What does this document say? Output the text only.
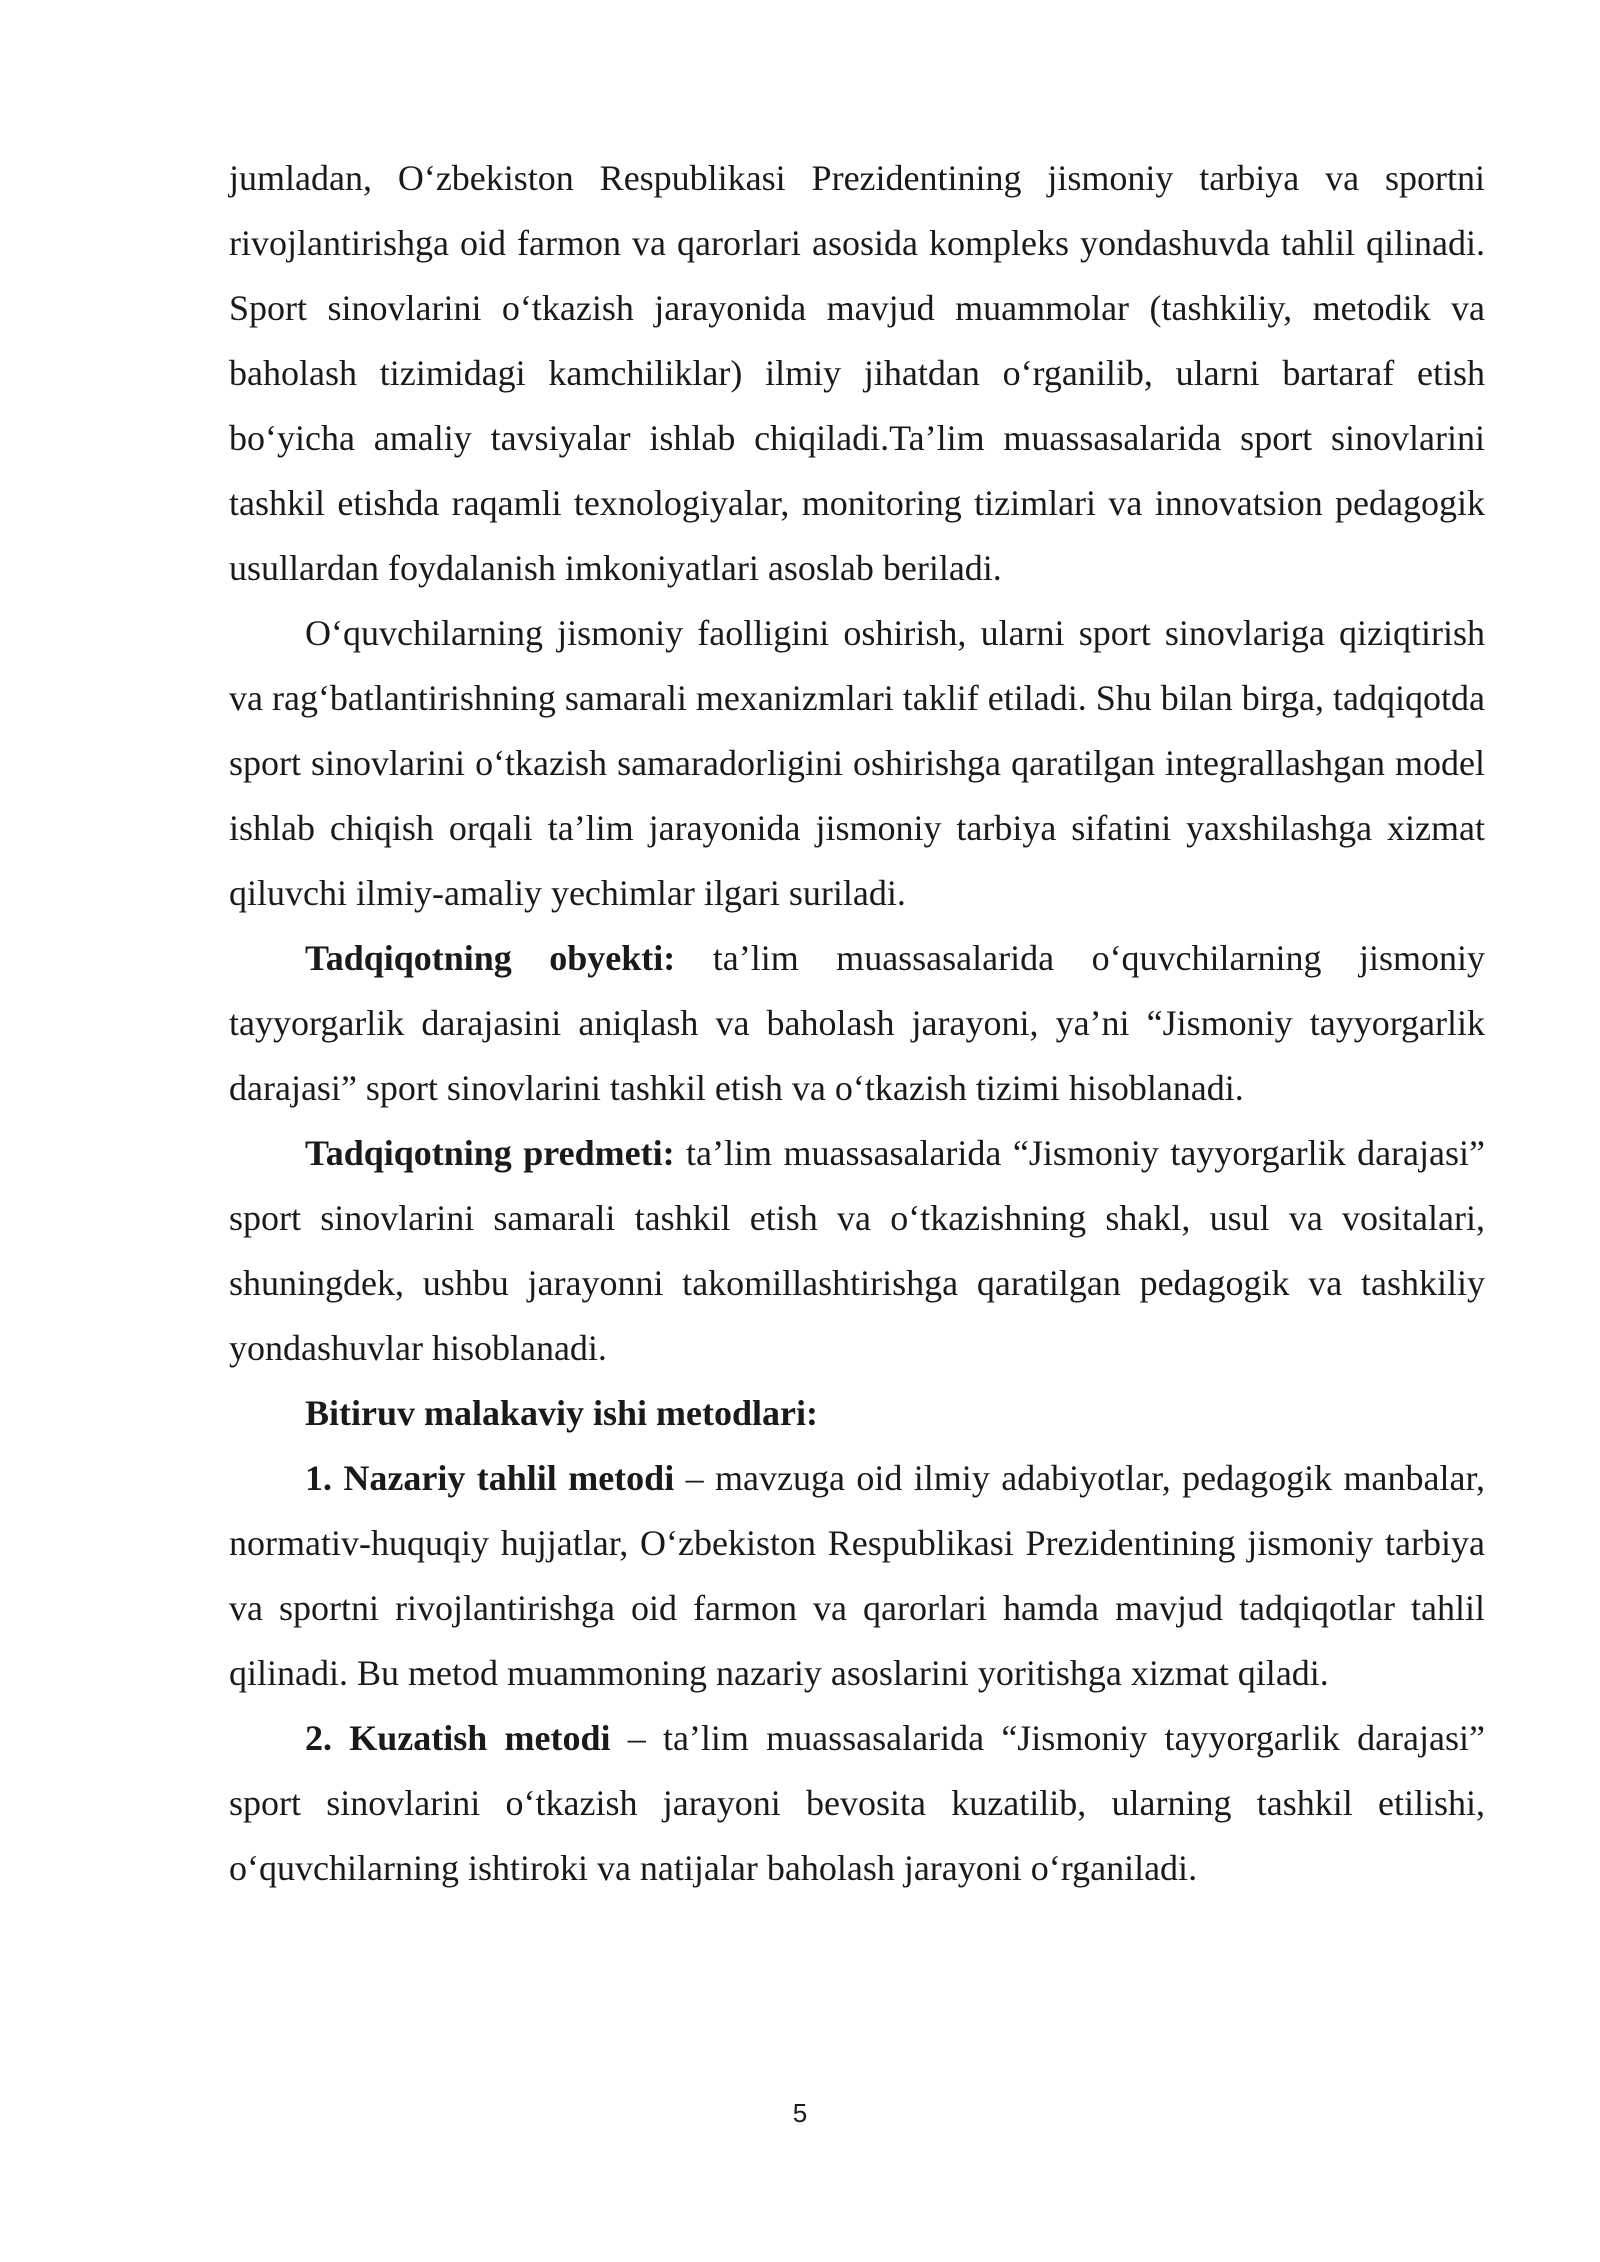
jumladan, O‘zbekiston Respublikasi Prezidentining jismoniy tarbiya va sportni rivojlantirishga oid farmon va qarorlari asosida kompleks yondashuvda tahlil qilinadi. Sport sinovlarini o‘tkazish jarayonida mavjud muammolar (tashkiliy, metodik va baholash tizimidagi kamchiliklar) ilmiy jihatdan o‘rganilib, ularni bartaraf etish bo‘yicha amaliy tavsiyalar ishlab chiqiladi.Ta’lim muassasalarida sport sinovlarini tashkil etishda raqamli texnologiyalar, monitoring tizimlari va innovatsion pedagogik usullardan foydalanish imkoniyatlari asoslab beriladi.

O‘quvchilarning jismoniy faolligini oshirish, ularni sport sinovlariga qiziqtirish va rag‘batlantirishning samarali mexanizmlari taklif etiladi. Shu bilan birga, tadqiqotda sport sinovlarini o‘tkazish samaradorligini oshirishga qaratilgan integrallashgan model ishlab chiqish orqali ta’lim jarayonida jismoniy tarbiya sifatini yaxshilashga xizmat qiluvchi ilmiy-amaliy yechimlar ilgari suriladi.

Tadqiqotning obyekti: ta’lim muassasalarida o‘quvchilarning jismoniy tayyorgarlik darajasini aniqlash va baholash jarayoni, ya’ni “Jismoniy tayyorgarlik darajasi” sport sinovlarini tashkil etish va o‘tkazish tizimi hisoblanadi.

Tadqiqotning predmeti: ta’lim muassasalarida “Jismoniy tayyorgarlik darajasi” sport sinovlarini samarali tashkil etish va o‘tkazishning shakl, usul va vositalari, shuningdek, ushbu jarayonni takomillashtirishga qaratilgan pedagogik va tashkiliy yondashuvlar hisoblanadi.

Bitiruv malakaviy ishi metodlari:

1. Nazariy tahlil metodi – mavzuga oid ilmiy adabiyotlar, pedagogik manbalar, normativ-huquqiy hujjatlar, O‘zbekiston Respublikasi Prezidentining jismoniy tarbiya va sportni rivojlantirishga oid farmon va qarorlari hamda mavjud tadqiqotlar tahlil qilinadi. Bu metod muammoning nazariy asoslarini yoritishga xizmat qiladi.

2. Kuzatish metodi – ta’lim muassasalarida “Jismoniy tayyorgarlik darajasi” sport sinovlarini o‘tkazish jarayoni bevosita kuzatilib, ularning tashkil etilishi, o‘quvchilarning ishtiroki va natijalar baholash jarayoni o‘rganiladi.

5
